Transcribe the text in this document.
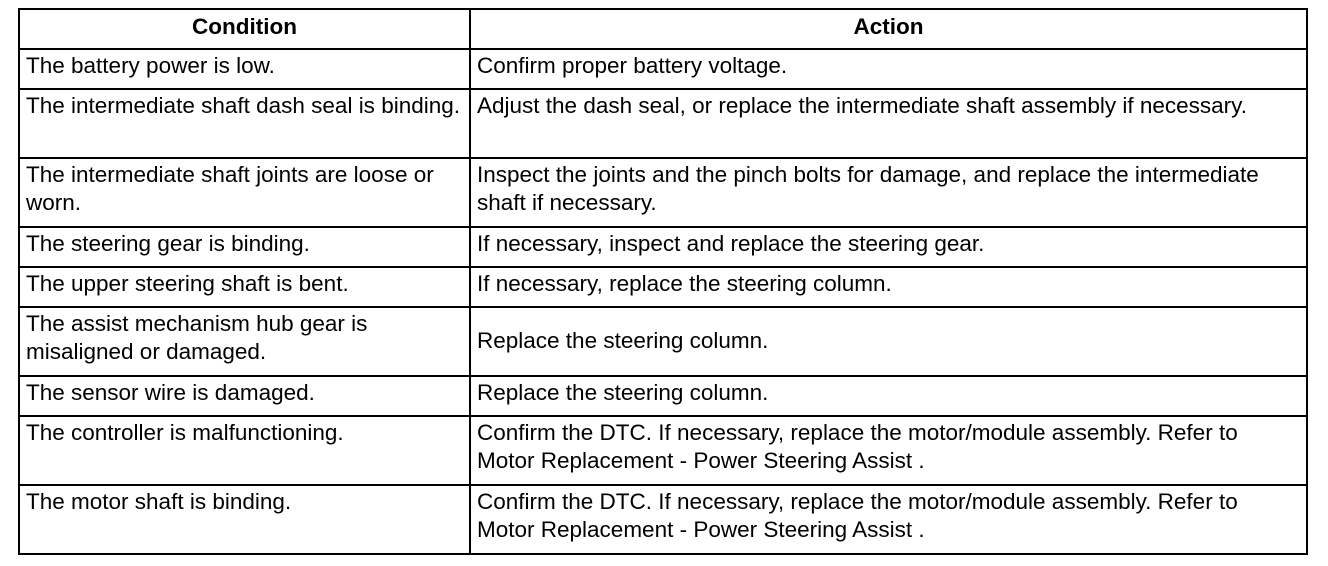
Condition	Action
The battery power is low.	Confirm proper battery voltage.
The intermediate shaft dash seal is binding.	Adjust the dash seal, or replace the intermediate shaft assembly if necessary.
The intermediate shaft joints are loose or worn.	Inspect the joints and the pinch bolts for damage, and replace the intermediate shaft if necessary.
The steering gear is binding.	If necessary, inspect and replace the steering gear.
The upper steering shaft is bent.	If necessary, replace the steering column.
The assist mechanism hub gear is misaligned or damaged.	Replace the steering column.
The sensor wire is damaged.	Replace the steering column.
The controller is malfunctioning.	Confirm the DTC. If necessary, replace the motor/module assembly. Refer to Motor Replacement - Power Steering Assist .
The motor shaft is binding.	Confirm the DTC. If necessary, replace the motor/module assembly. Refer to Motor Replacement - Power Steering Assist .
